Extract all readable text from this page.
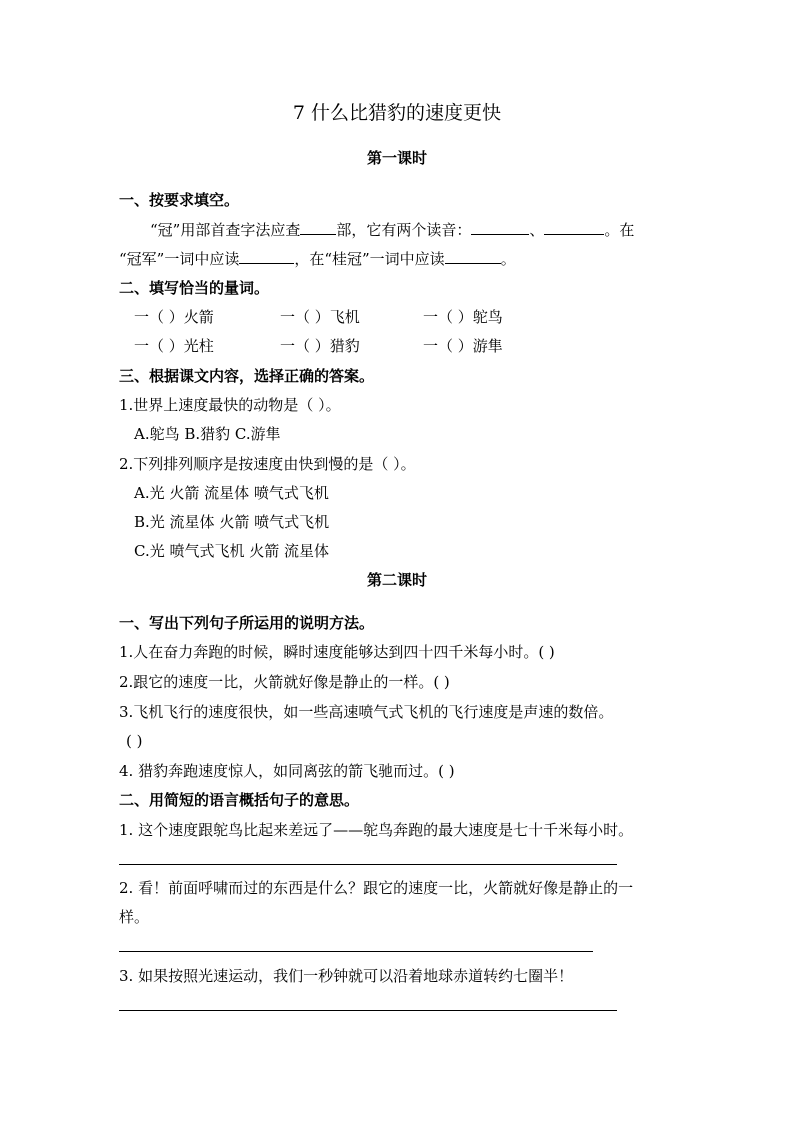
7 什么比猎豹的速度更快
第一课时
一、按要求填空。
“冠”用部首查字法应查 部，它有两个读音：	、	。在
“冠军”一词中应读	，在“桂冠”一词中应读	。
二、填写恰当的量词。
一（ ）火箭	一（ ）飞机	一（ ）鸵鸟
一（ ）光柱	一（ ）猎豹	一（ ）游隼
三、根据课文内容，选择正确的答案。
1.世界上速度最快的动物是（ ）。
A.鸵鸟 B.猎豹 C.游隼
2.下列排列顺序是按速度由快到慢的是（ ）。
A.光 火箭 流星体 喷气式飞机
B.光 流星体 火箭 喷气式飞机
C.光 喷气式飞机 火箭 流星体
第二课时
一、写出下列句子所运用的说明方法。
1.人在奋力奔跑的时候，瞬时速度能够达到四十四千米每小时。( )
2.跟它的速度一比，火箭就好像是静止的一样。( )
3.飞机飞行的速度很快，如一些高速喷气式飞机的飞行速度是声速的数倍。
( )
4. 猎豹奔跑速度惊人，如同离弦的箭飞驰而过。( )
二、用简短的语言概括句子的意思。
1. 这个速度跟鸵鸟比起来差远了——鸵鸟奔跑的最大速度是七十千米每小时。
2. 看！前面呼啸而过的东西是什么？跟它的速度一比，火箭就好像是静止的一
样。
3. 如果按照光速运动，我们一秒钟就可以沿着地球赤道转约七圈半！
